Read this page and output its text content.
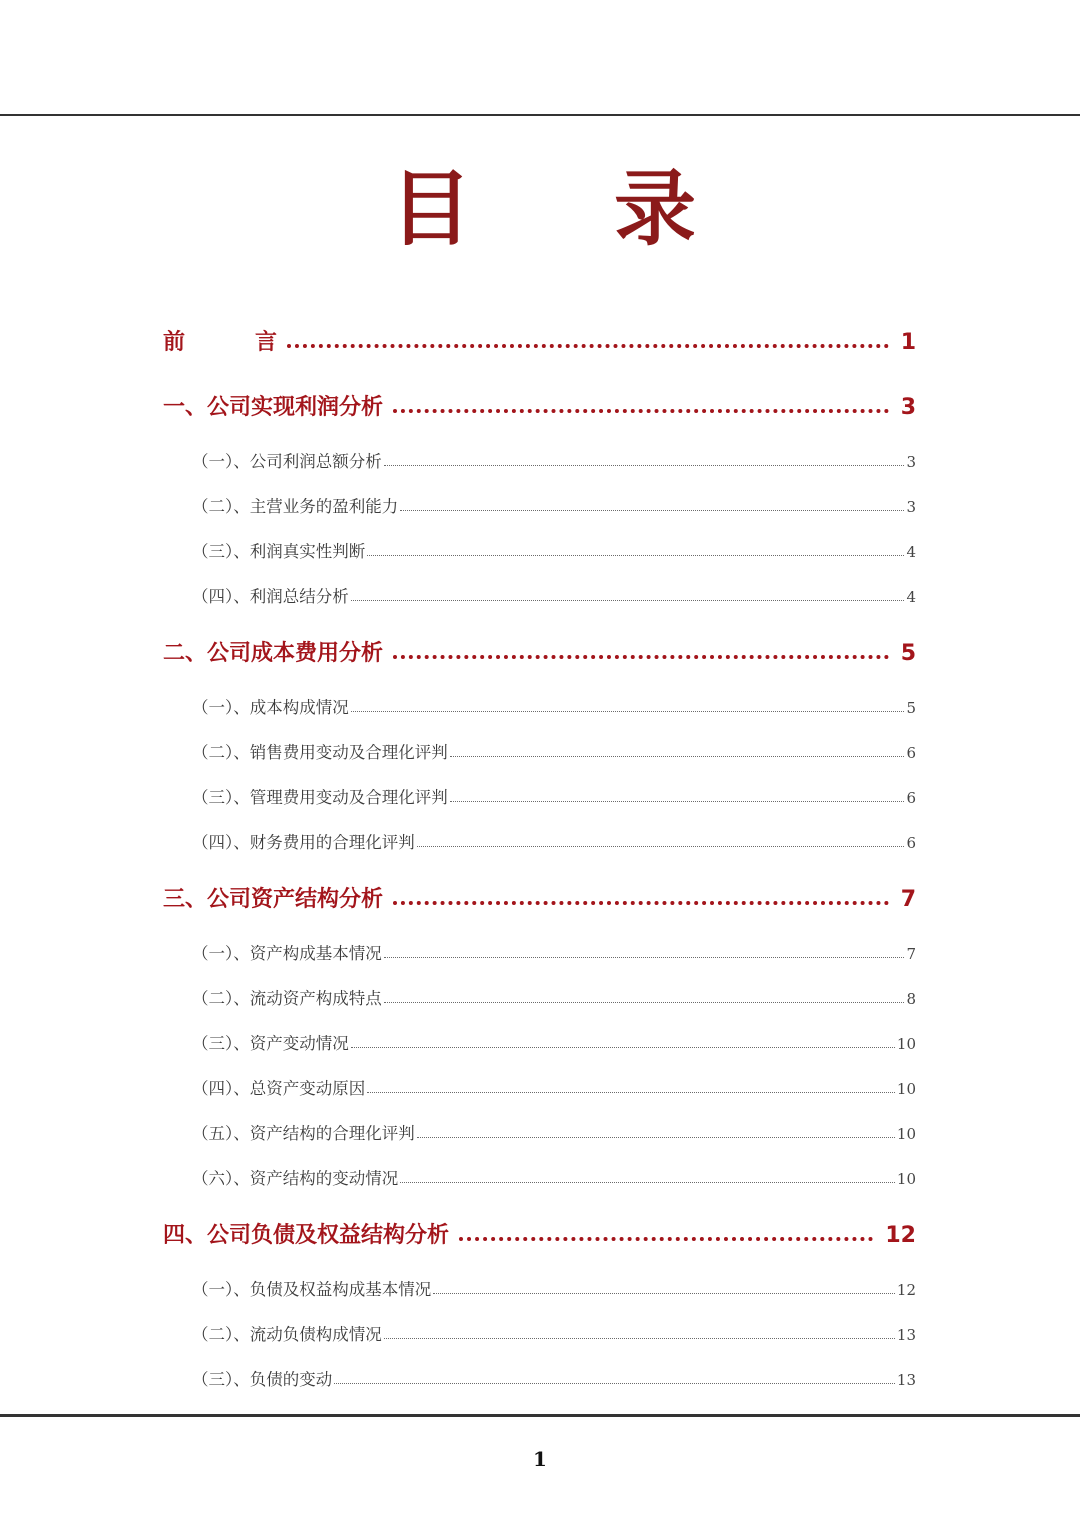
目 录
前	言	1
一、公司实现利润分析	3
（一）、公司利润总额分析	3
（二）、主营业务的盈利能力	3
（三）、利润真实性判断	4
（四）、利润总结分析	4
二、公司成本费用分析	5
（一）、成本构成情况	5
（二）、销售费用变动及合理化评判	6
（三）、管理费用变动及合理化评判	6
（四）、财务费用的合理化评判	6
三、公司资产结构分析	7
（一）、资产构成基本情况	7
（二）、流动资产构成特点	8
（三）、资产变动情况	10
（四）、总资产变动原因	10
（五）、资产结构的合理化评判	10
（六）、资产结构的变动情况	10
四、公司负债及权益结构分析	12
（一）、负债及权益构成基本情况	12
（二）、流动负债构成情况	13
（三）、负债的变动	13
1
